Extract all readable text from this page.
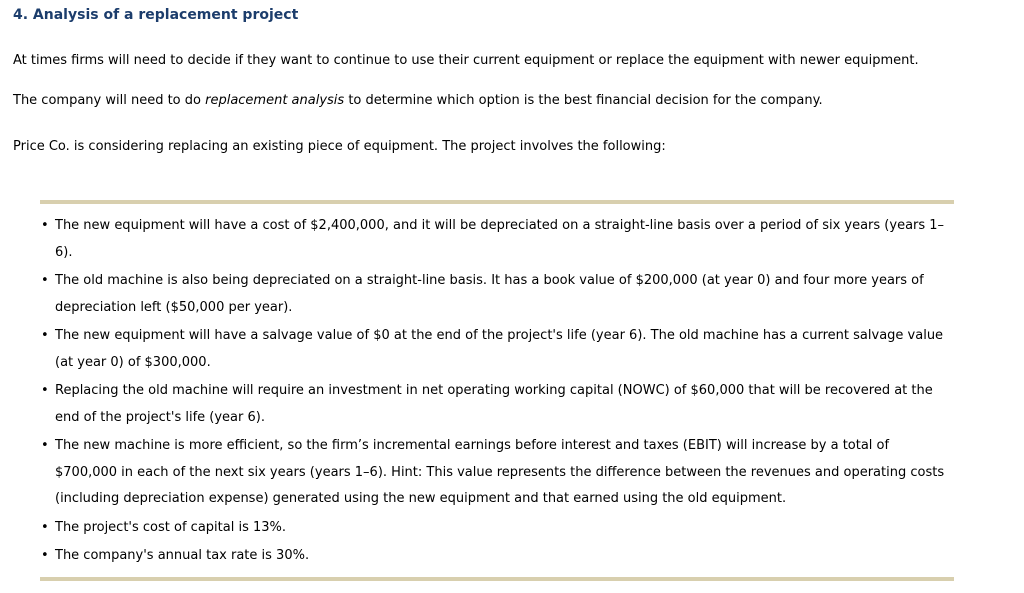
4. Analysis of a replacement project

At times firms will need to decide if they want to continue to use their current equipment or replace the equipment with newer equipment.

The company will need to do replacement analysis to determine which option is the best financial decision for the company.

Price Co. is considering replacing an existing piece of equipment. The project involves the following:

• The new equipment will have a cost of $2,400,000, and it will be depreciated on a straight-line basis over a period of six years (years 1–6).
• The old machine is also being depreciated on a straight-line basis. It has a book value of $200,000 (at year 0) and four more years of depreciation left ($50,000 per year).
• The new equipment will have a salvage value of $0 at the end of the project's life (year 6). The old machine has a current salvage value (at year 0) of $300,000.
• Replacing the old machine will require an investment in net operating working capital (NOWC) of $60,000 that will be recovered at the end of the project's life (year 6).
• The new machine is more efficient, so the firm’s incremental earnings before interest and taxes (EBIT) will increase by a total of $700,000 in each of the next six years (years 1–6). Hint: This value represents the difference between the revenues and operating costs (including depreciation expense) generated using the new equipment and that earned using the old equipment.
• The project's cost of capital is 13%.
• The company's annual tax rate is 30%.
